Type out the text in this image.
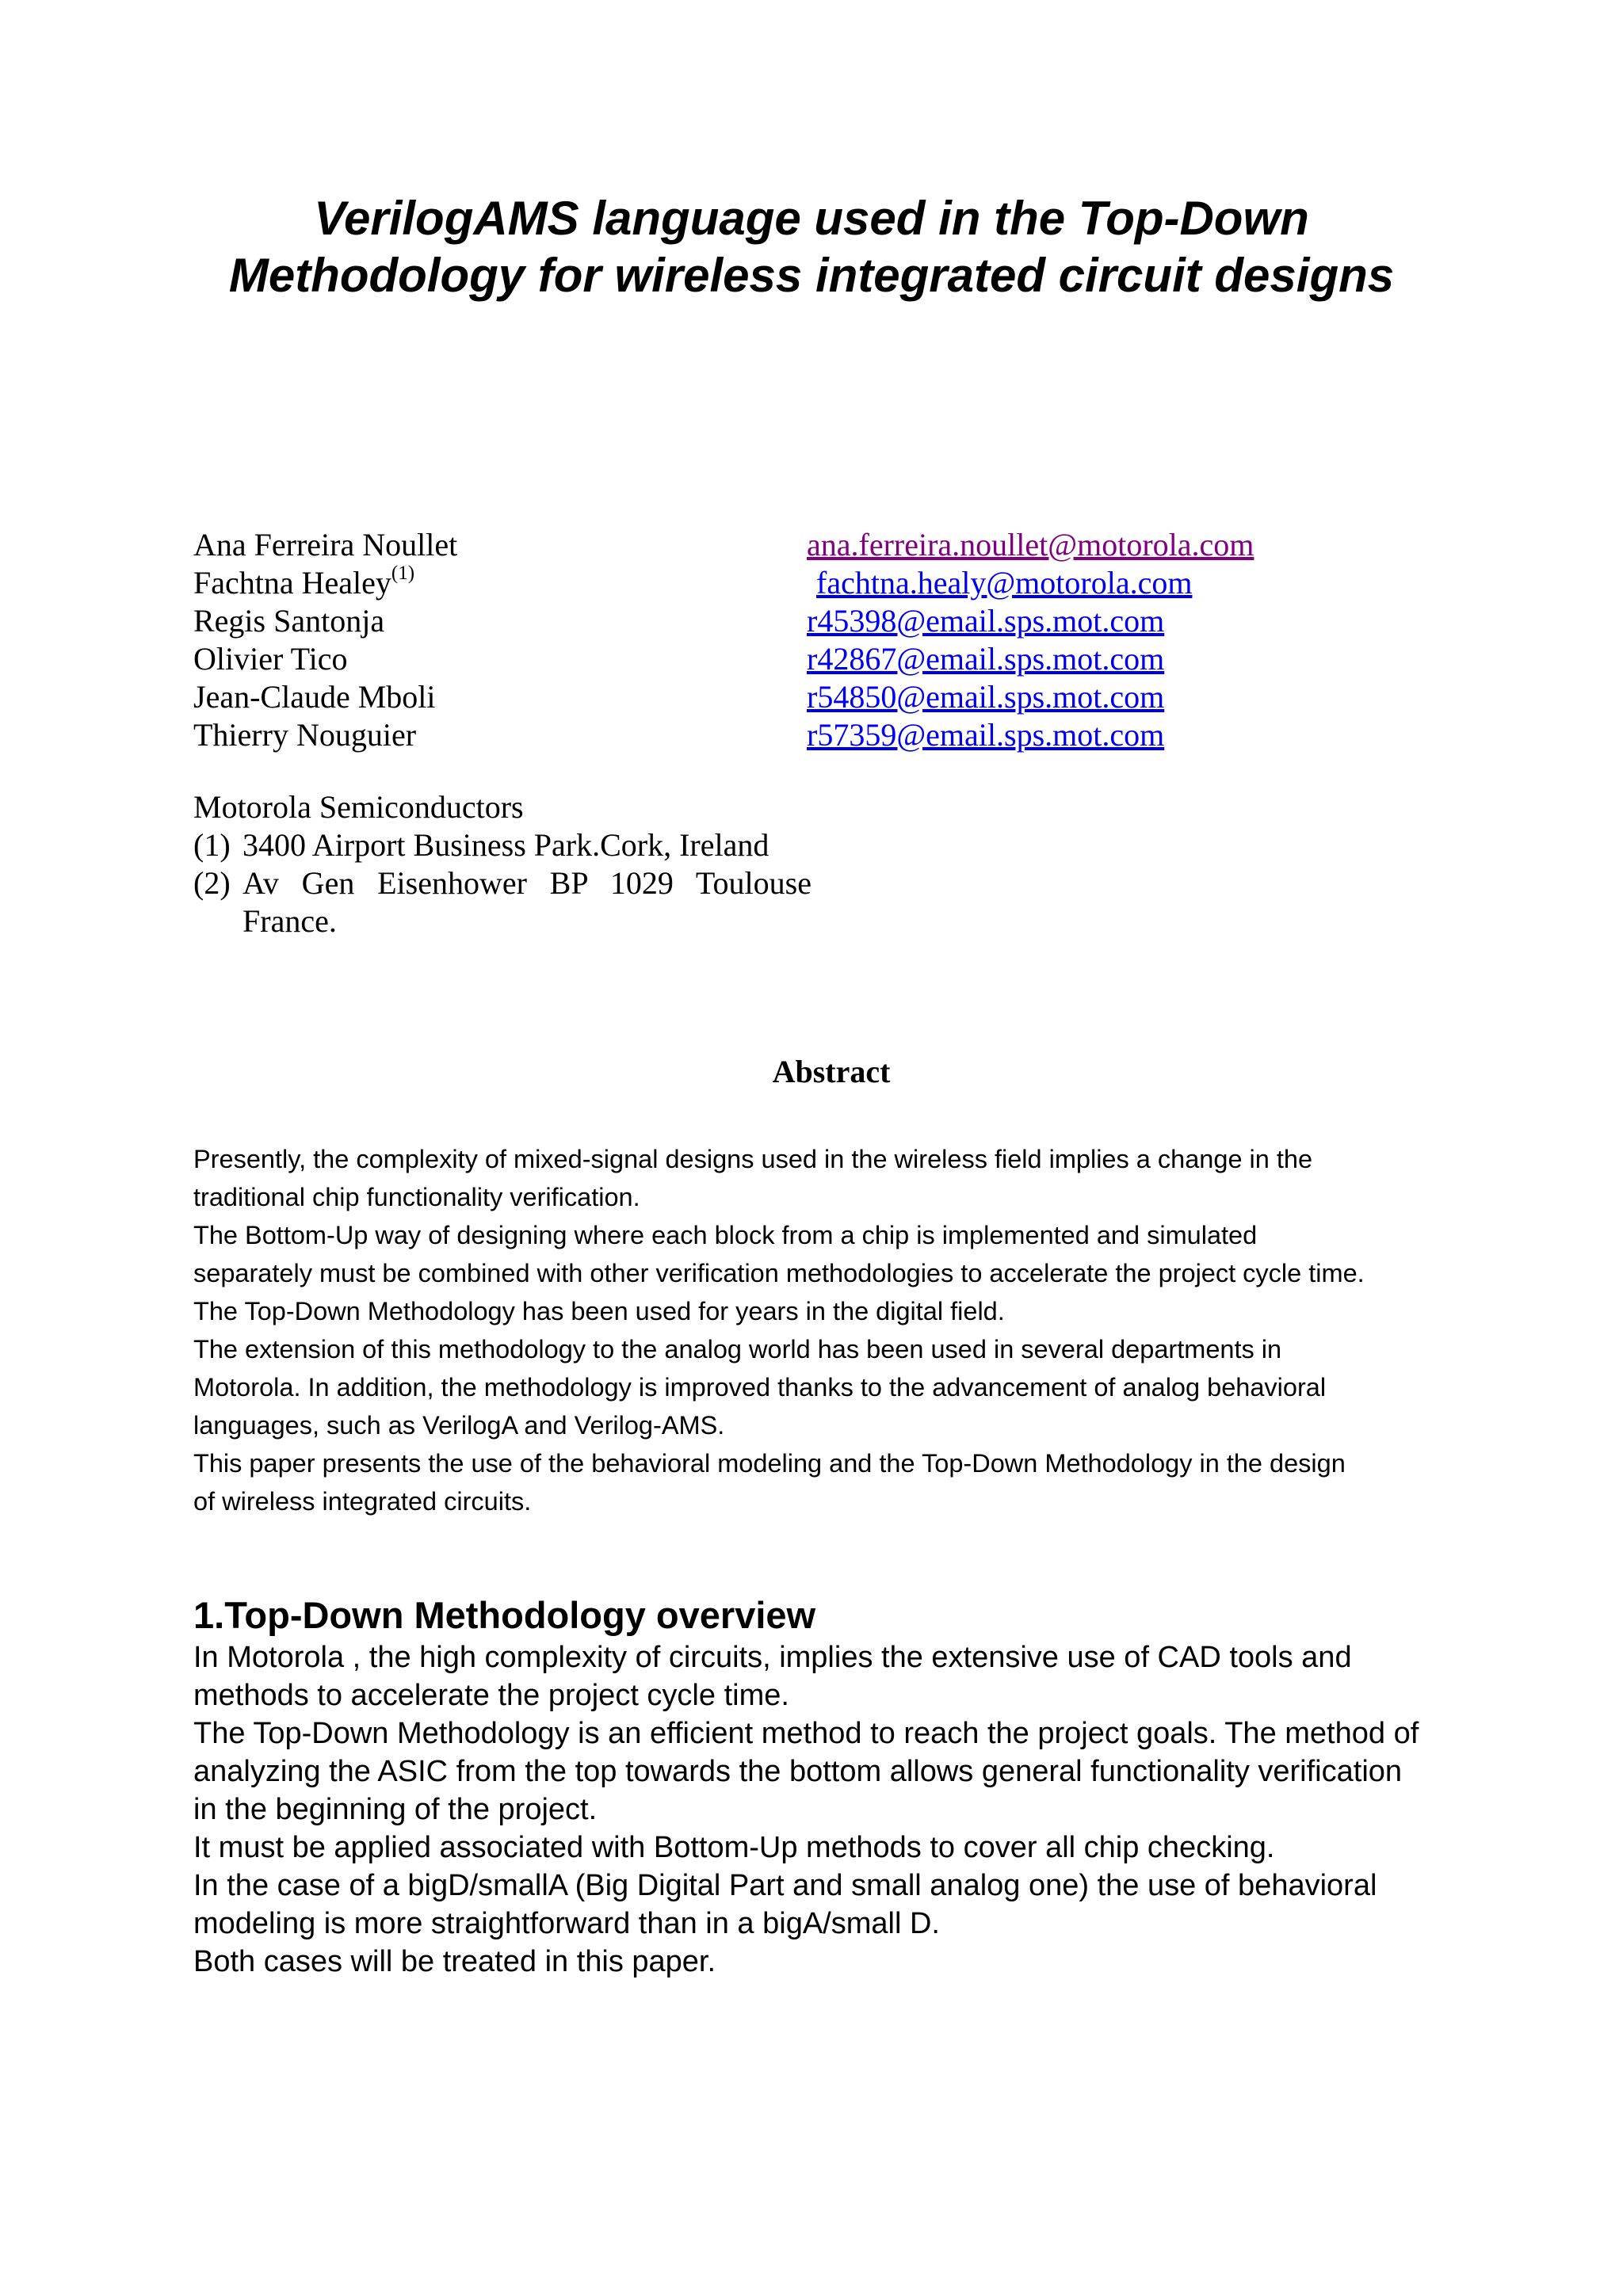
VerilogAMS language used in the Top-Down
Methodology for wireless integrated circuit designs
Ana Ferreira Noullet
Fachtna Healey$^{(1)}$
Regis Santonja
Olivier Tico
Jean-Claude Mboli
Thierry Nouguier
ana.ferreira.noullet@motorola.com
fachtna.healy@motorola.com
r45398@email.sps.mot.com
r42867@email.sps.mot.com
r54850@email.sps.mot.com
r57359@email.sps.mot.com
Motorola Semiconductors
(1) 3400 Airport Business Park.Cork, Ireland
(2) Av Gen Eisenhower BP 1029 Toulouse
France.
Abstract
Presently, the complexity of mixed-signal designs used in the wireless field implies a change in the
traditional chip functionality verification.
The Bottom-Up way of designing where each block from a chip is implemented and simulated
separately must be combined with other verification methodologies to accelerate the project cycle time.
The Top-Down Methodology has been used for years in the digital field.
The extension of this methodology to the analog world has been used in several departments in
Motorola. In addition, the methodology is improved thanks to the advancement of analog behavioral
languages, such as VerilogA and Verilog-AMS.
This paper presents the use of the behavioral modeling and the Top-Down Methodology in the design
of wireless integrated circuits.
1.Top-Down Methodology overview
In Motorola , the high complexity of circuits, implies the extensive use of CAD tools and
methods to accelerate the project cycle time.
The Top-Down Methodology is an efficient method to reach the project goals. The method of
analyzing the ASIC from the top towards the bottom allows general functionality verification
in the beginning of the project.
It must be applied associated with Bottom-Up methods to cover all chip checking.
In the case of a bigD/smallA (Big Digital Part and small analog one) the use of behavioral
modeling is more straightforward than in a bigA/small D.
Both cases will be treated in this paper.
